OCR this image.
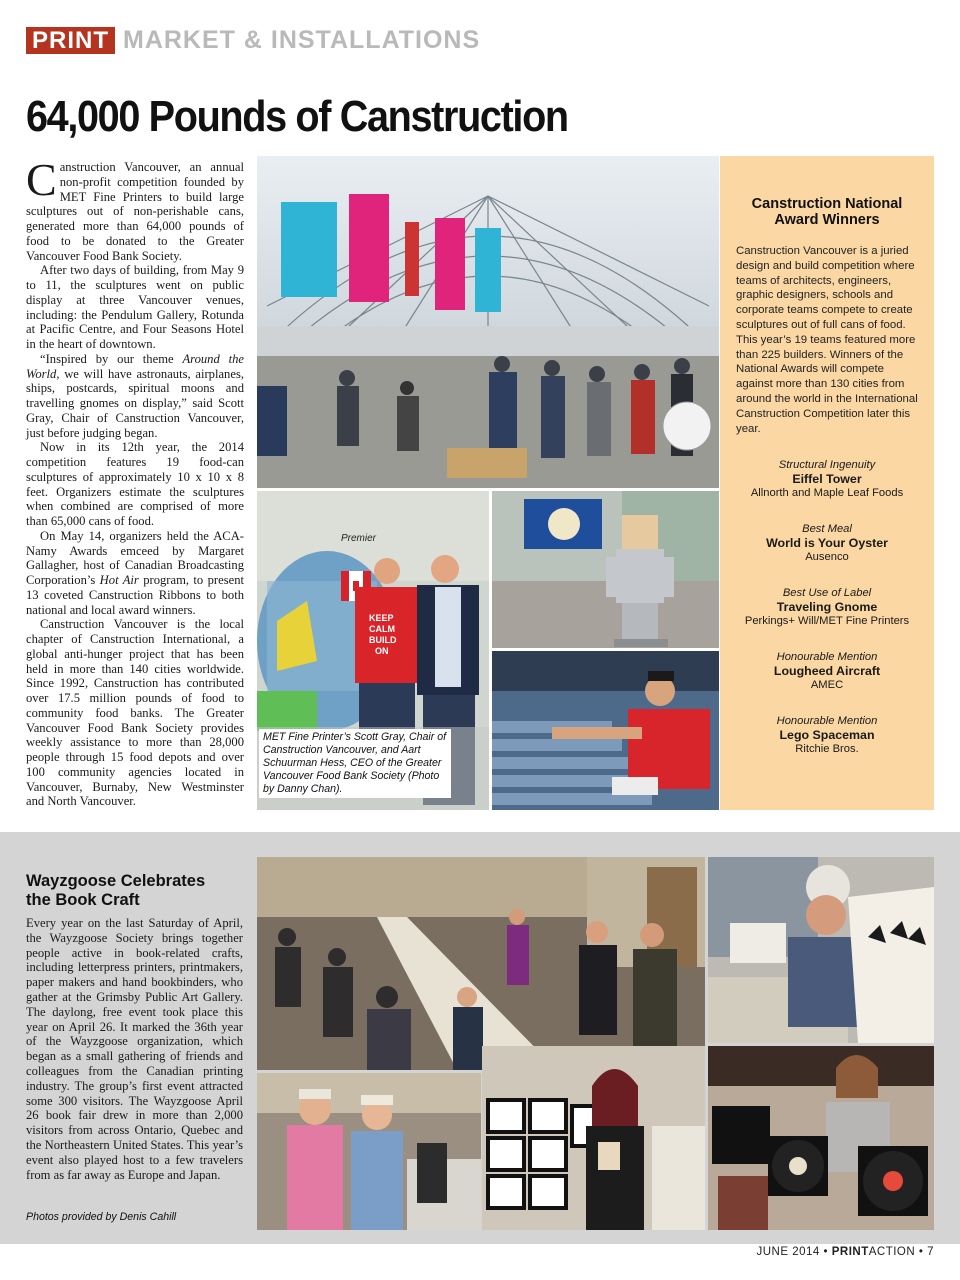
PRINT MARKET & INSTALLATIONS
64,000 Pounds of Canstruction

Canstruction Vancouver, an annual non-profit competition founded by MET Fine Printers to build large sculptures out of non-perishable cans, generated more than 64,000 pounds of food to be donated to the Greater Vancouver Food Bank Society.

After two days of building, from May 9 to 11, the sculptures went on public display at three Vancouver venues, including: the Pendulum Gallery, Rotunda at Pacific Centre, and Four Seasons Hotel in the heart of downtown.

“Inspired by our theme Around the World, we will have astronauts, airplanes, ships, postcards, spiritual moons and travelling gnomes on display,” said Scott Gray, Chair of Canstruction Vancouver, just before judging began.

Now in its 12th year, the 2014 competition features 19 food-can sculptures of approximately 10 x 10 x 8 feet. Organizers estimate the sculptures when combined are comprised of more than 65,000 cans of food.

On May 14, organizers held the ACA-Namy Awards emceed by Margaret Gallagher, host of Canadian Broadcasting Corporation’s Hot Air program, to present 13 coveted Canstruction Ribbons to both national and local award winners.

Canstruction Vancouver is the local chapter of Canstruction International, a global anti-hunger project that has been held in more than 140 cities worldwide. Since 1992, Canstruction has contributed over 17.5 million pounds of food to community food banks. The Greater Vancouver Food Bank Society provides weekly assistance to more than 28,000 people through 15 food depots and over 100 community agencies located in Vancouver, Burnaby, New Westminster and North Vancouver.

Premier
KEEP
CALM
BUILD
ON
MET Fine Printer’s Scott Gray, Chair of Canstruction Vancouver, and Aart Schuurman Hess, CEO of the Greater Vancouver Food Bank Society (Photo by Danny Chan).
Canstruction National Award Winners

Canstruction Vancouver is a juried design and build competition where teams of architects, engineers, graphic designers, schools and corporate teams compete to create sculptures out of full cans of food. This year’s 19 teams featured more than 225 builders. Winners of the National Awards will compete against more than 130 cities from around the world in the International Canstruction Competition later this year.

Structural Ingenuity
Eiffel Tower
Allnorth and Maple Leaf Foods
Best Meal
World is Your Oyster
Ausenco
Best Use of Label
Traveling Gnome
Perkings+ Will/MET Fine Printers
Honourable Mention
Lougheed Aircraft
AMEC
Honourable Mention
Lego Spaceman
Ritchie Bros.
Wayzgoose Celebrates
the Book Craft

Every year on the last Saturday of April, the Wayzgoose Society brings together people active in book-related crafts, including letterpress printers, printmakers, paper makers and hand bookbinders, who gather at the Grimsby Public Art Gallery. The daylong, free event took place this year on April 26. It marked the 36th year of the Wayzgoose organization, which began as a small gathering of friends and colleagues from the Canadian printing industry. The group’s first event attracted some 300 visitors. The Wayzgoose April 26 book fair drew in more than 2,000 visitors from across Ontario, Quebec and the Northeastern United States. This year’s event also played host to a few travelers from as far away as Europe and Japan.

Photos provided by Denis Cahill
JUNE 2014 • PRINTACTION • 7
